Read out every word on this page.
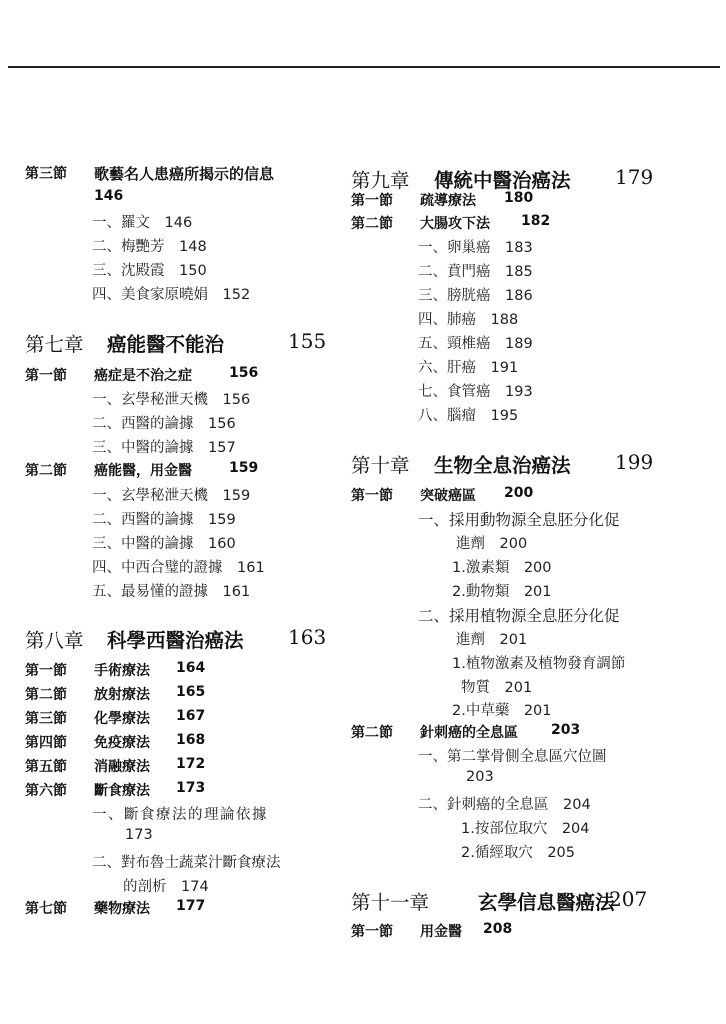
第三節 歌藝名人患癌所揭示的信息
146
一、羅文　146
二、梅艷芳　148
三、沈殿霞　150
四、美食家原曉娟　152
第七章 癌能醫不能治	155
第一節 癌症是不治之症	156
一、玄學秘泄天機　156
二、西醫的論據　156
三、中醫的論據　157
第二節 癌能醫，用金醫	159
一、玄學秘泄天機　159
二、西醫的論據　159
三、中醫的論據　160
四、中西合璧的證據　161
五、最易懂的證據　161
第八章 科學西醫治癌法 163
第一節 手術療法 164
第二節 放射療法 165
第三節 化學療法 167
第四節 免疫療法 168
第五節 消融療法 172
第六節 斷食療法 173
一、斷食療法的理論依據
173
二、對布魯士蔬菜汁斷食療法
的剖析　174
第七節 藥物療法 177
第九章 傳統中醫治癌法 179
第一節 疏導療法 180
第二節 大腸攻下法 182
一、卵巢癌　183
二、賁門癌　185
三、膀胱癌　186
四、肺癌　188
五、頸椎癌　189
六、肝癌　191
七、食管癌　193
八、腦瘤　195
第十章 生物全息治癌法 199
第一節 突破癌區 200
一、採用動物源全息胚分化促
進劑　200
1.激素類　200
2.動物類　201
二、採用植物源全息胚分化促
進劑　201
1.植物激素及植物發育調節
物質　201
2.中草藥　201
第二節 針刺癌的全息區 203
一、第二掌骨側全息區穴位圖
203
二、針刺癌的全息區　204
1.按部位取穴　204
2.循經取穴　205
第十一章	玄學信息醫癌法
207
第一節 用金醫 208
